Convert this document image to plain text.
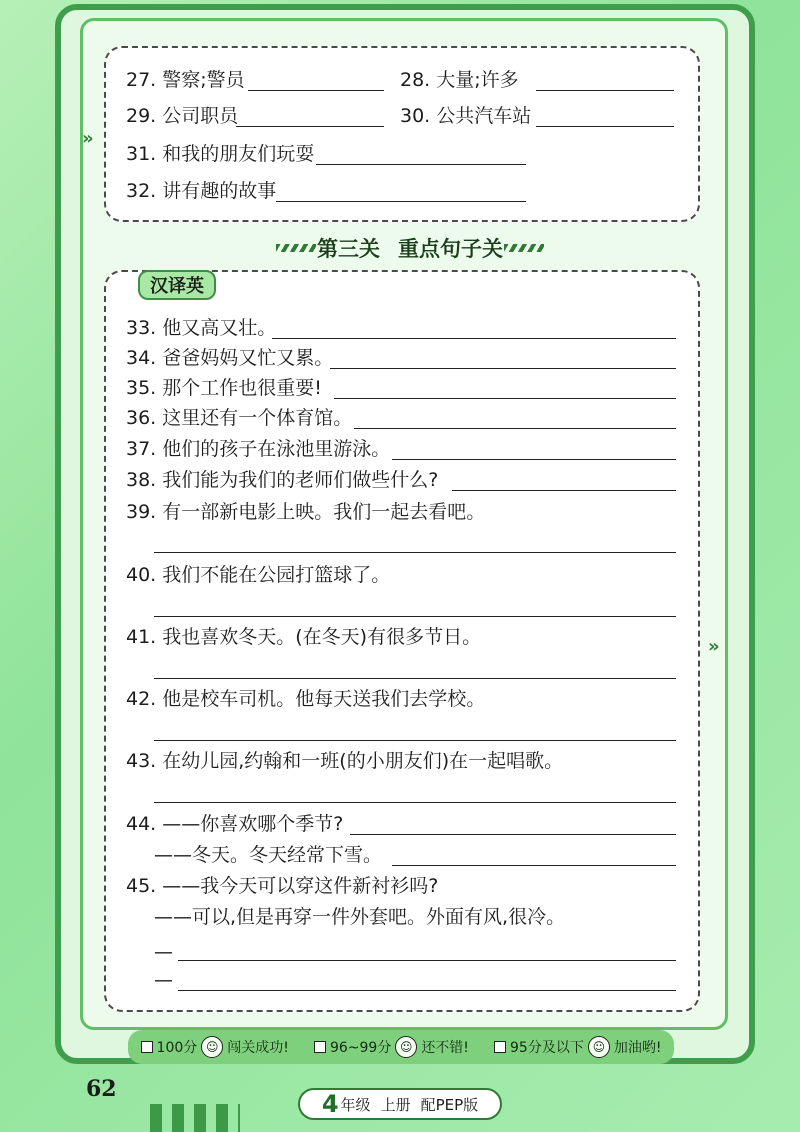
»
»
27. 警察;警员	28. 大量;许多
29. 公司职员	30. 公共汽车站
31. 和我的朋友们玩耍
32. 讲有趣的故事
第三关 重点句子关
汉译英
33. 他又高又壮。
34. 爸爸妈妈又忙又累。
35. 那个工作也很重要!
36. 这里还有一个体育馆。
37. 他们的孩子在泳池里游泳。
38. 我们能为我们的老师们做些什么?
39. 有一部新电影上映。我们一起去看吧。
40. 我们不能在公园打篮球了。
41. 我也喜欢冬天。(在冬天)有很多节日。
42. 他是校车司机。他每天送我们去学校。
43. 在幼儿园,约翰和一班(的小朋友们)在一起唱歌。
44. ——你喜欢哪个季节?
——冬天。冬天经常下雪。
45. ——我今天可以穿这件新衬衫吗?
——可以,但是再穿一件外套吧。外面有风,很冷。
—
—
100分 ☺ 闯关成功!	96~99分 ☺ 还不错!	95分及以下 ☺ 加油哟!
62
4 年级 上册 配PEP版
